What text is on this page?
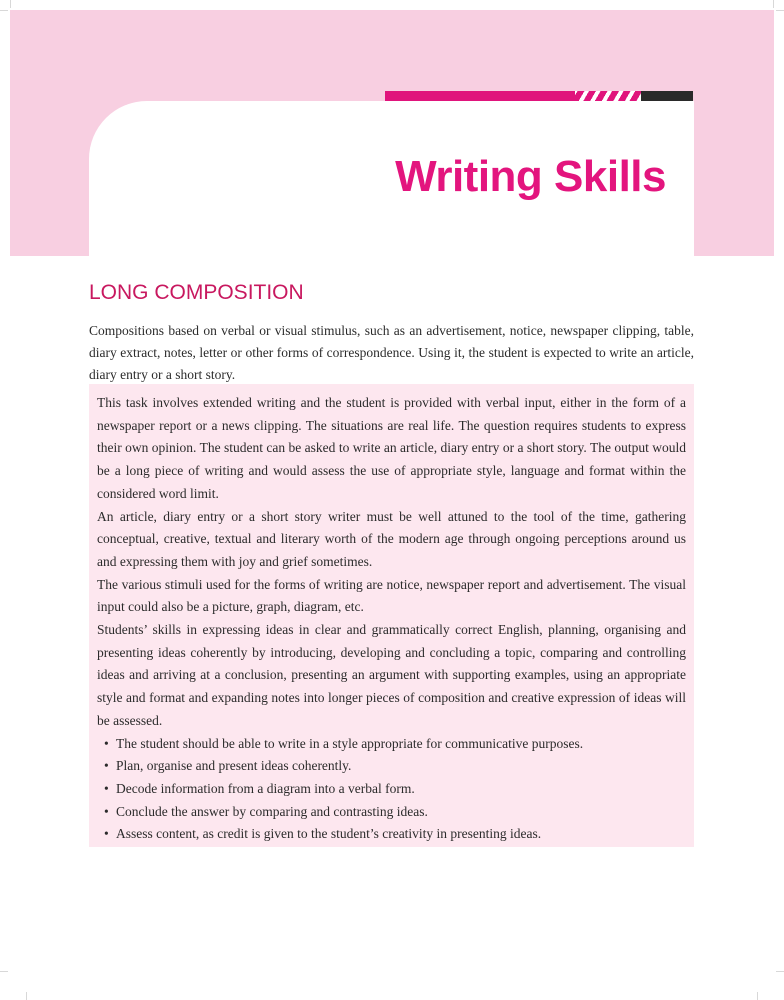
Writing Skills
LONG COMPOSITION

Compositions based on verbal or visual stimulus, such as an advertisement, notice, newspaper clipping, table, diary extract, notes, letter or other forms of correspondence. Using it, the student is expected to write an article, diary entry or a short story.

This task involves extended writing and the student is provided with verbal input, either in the form of a newspaper report or a news clipping. The situations are real life. The question requires students to express their own opinion. The student can be asked to write an article, diary entry or a short story. The output would be a long piece of writing and would assess the use of appropriate style, language and format within the considered word limit.

An article, diary entry or a short story writer must be well attuned to the tool of the time, gathering conceptual, creative, textual and literary worth of the modern age through ongoing perceptions around us and expressing them with joy and grief sometimes.

The various stimuli used for the forms of writing are notice, newspaper report and advertisement. The visual input could also be a picture, graph, diagram, etc.

Students’ skills in expressing ideas in clear and grammatically correct English, planning, organising and presenting ideas coherently by introducing, developing and concluding a topic, comparing and controlling ideas and arriving at a conclusion, presenting an argument with supporting examples, using an appropriate style and format and expanding notes into longer pieces of composition and creative expression of ideas will be assessed.

• The student should be able to write in a style appropriate for communicative purposes.
• Plan, organise and present ideas coherently.
• Decode information from a diagram into a verbal form.
• Conclude the answer by comparing and contrasting ideas.
• Assess content, as credit is given to the student’s creativity in presenting ideas.
